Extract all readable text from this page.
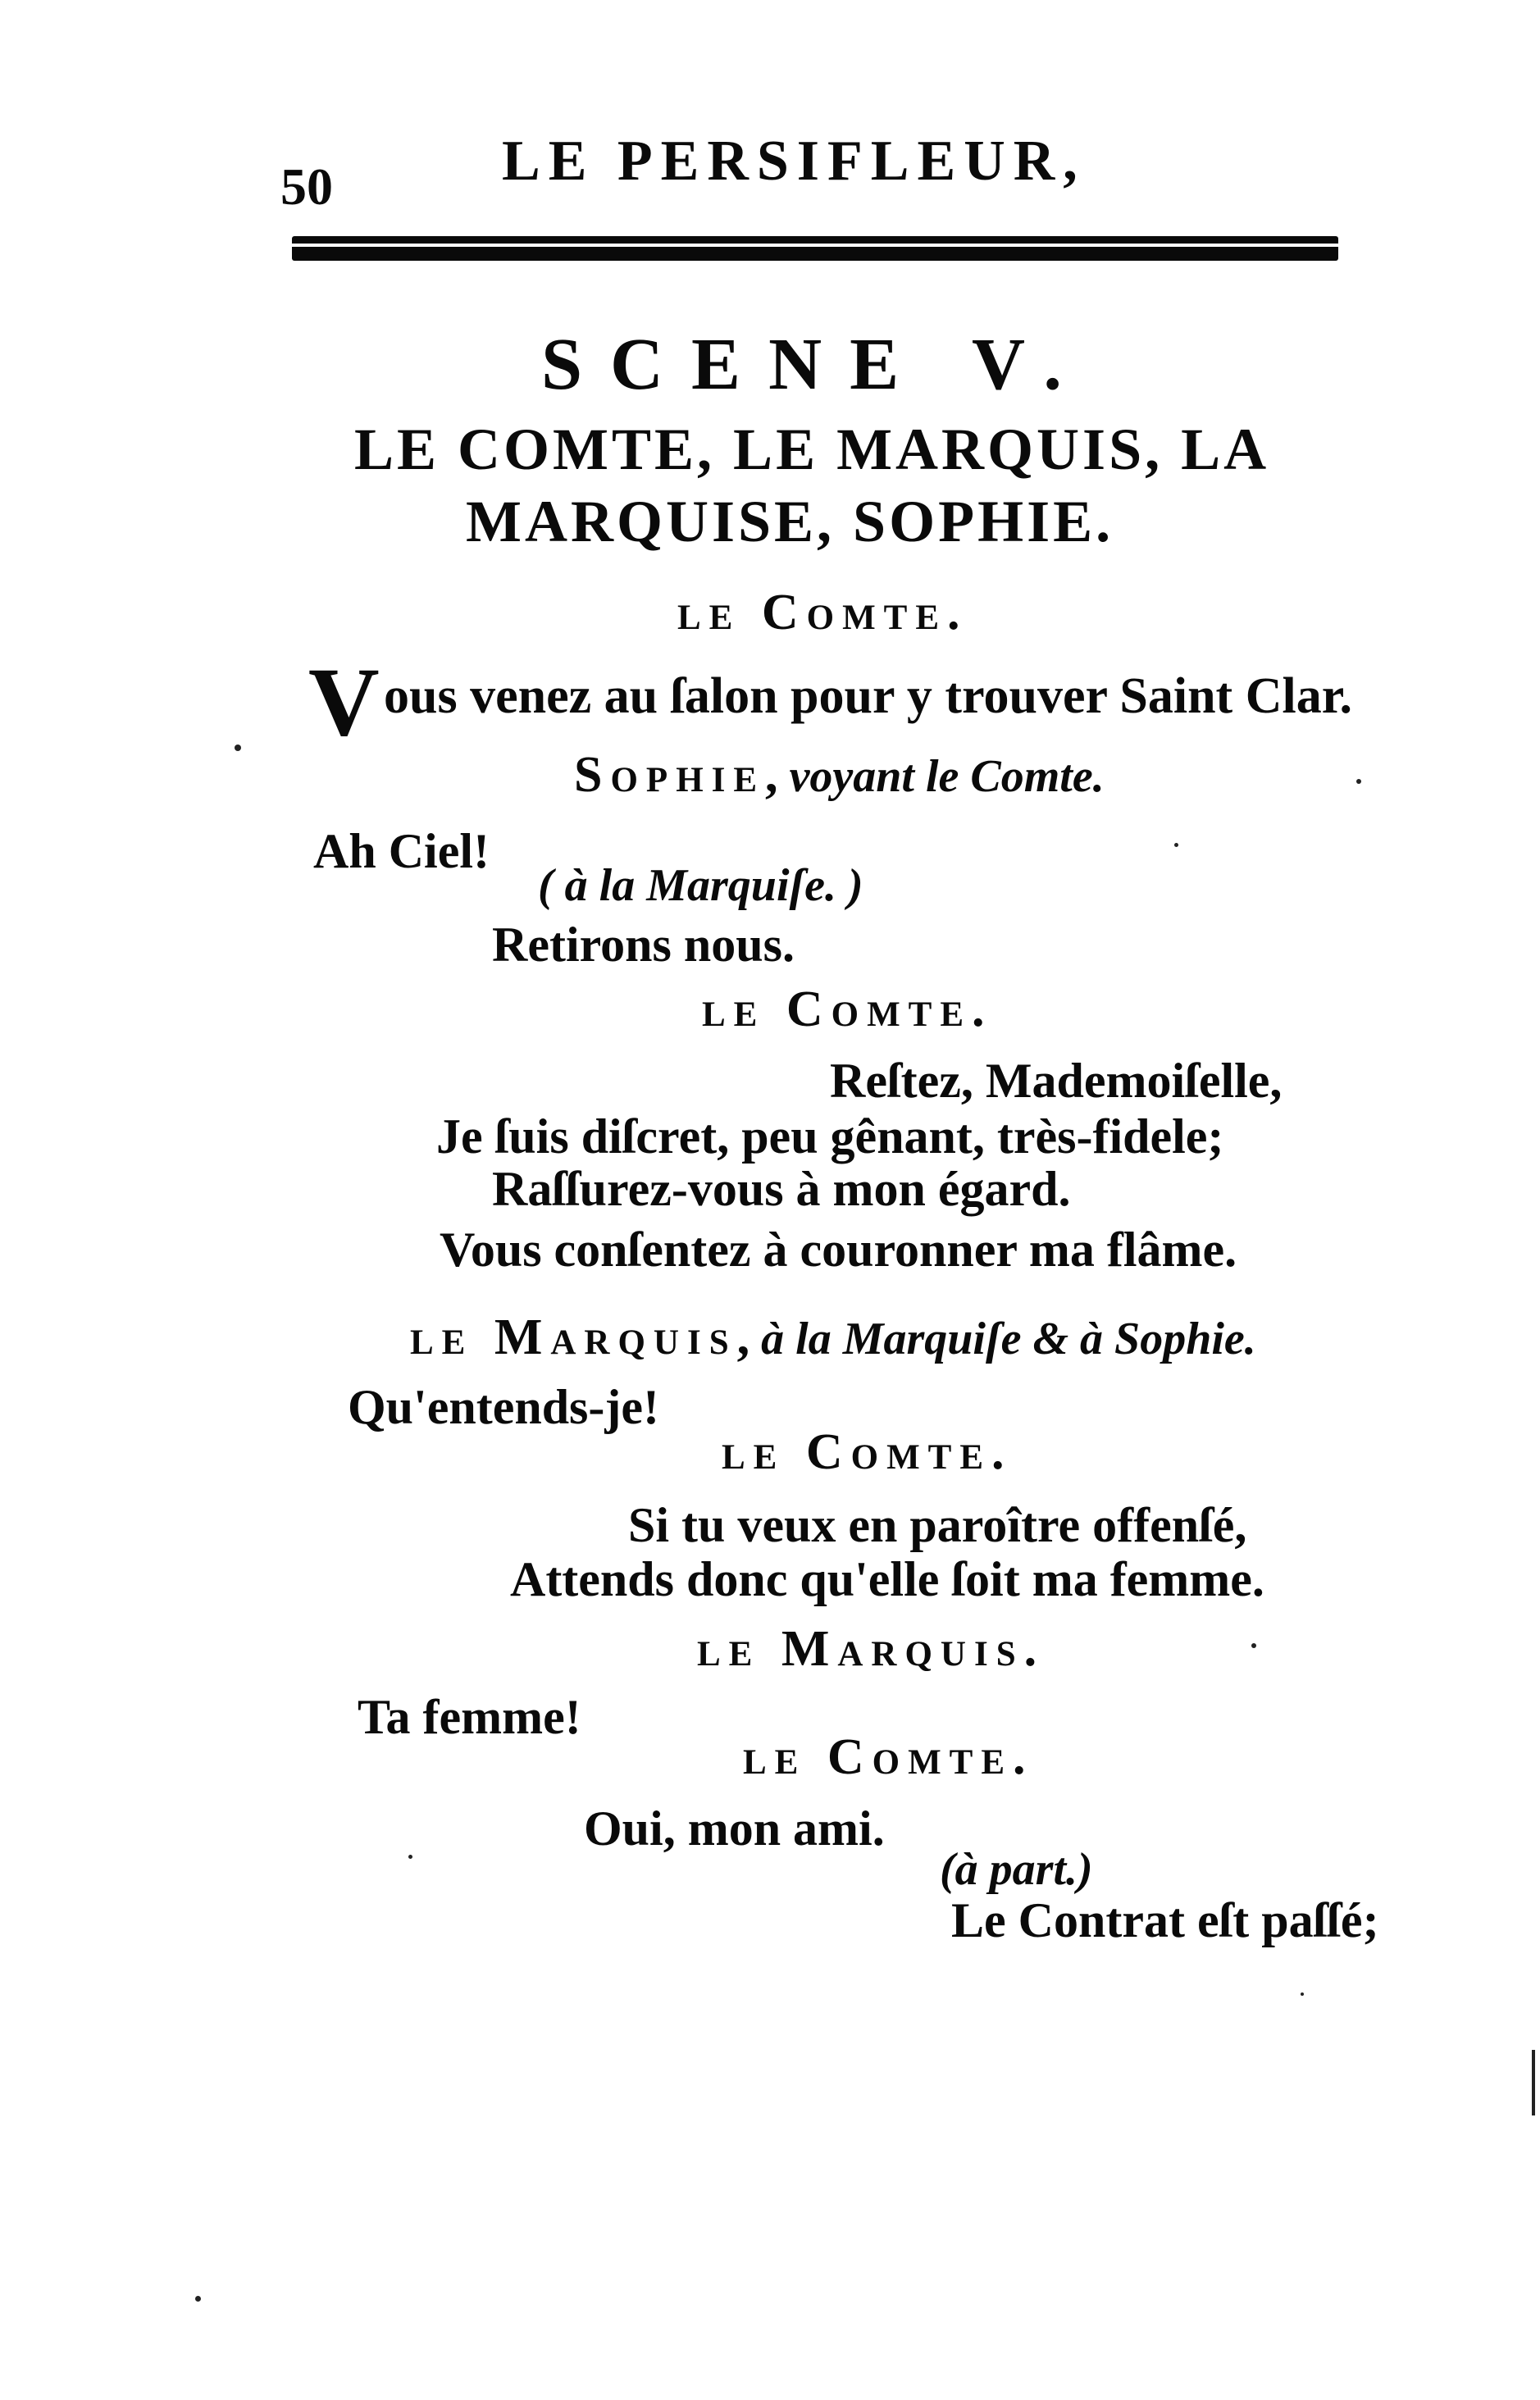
50	LE PERSIFLEUR,
SCENE V.
LE COMTE, LE MARQUIS, LA
MARQUISE, SOPHIE.
le Comte.
V ous venez au ſalon pour y trouver Saint Clar.
Sophie, voyant le Comte.
Ah Ciel!
( à la Marquiſe. )
Retirons nous.
le Comte.
Reſtez, Mademoiſelle,
Je ſuis diſcret, peu gênant, très-fidele;
Raſſurez-vous à mon égard.
Vous conſentez à couronner ma flâme.
le Marquis, à la Marquiſe & à Sophie.
Qu'entends-je!
le Comte.
Si tu veux en paroître offenſé,
Attends donc qu'elle ſoit ma femme.
le Marquis.
Ta femme!
le Comte.
Oui, mon ami.
(à part.)
Le Contrat eſt paſſé;
